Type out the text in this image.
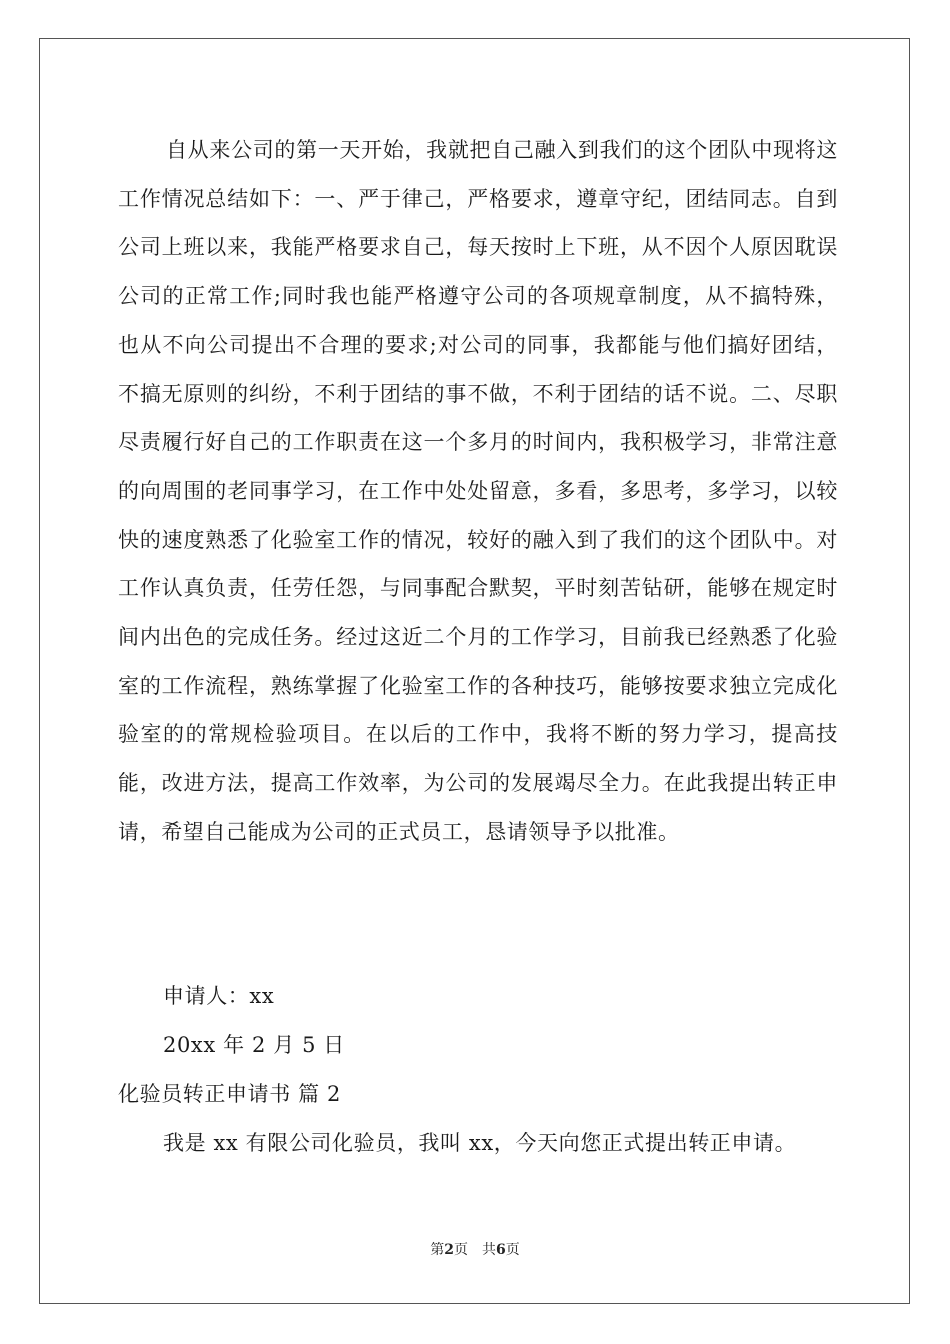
自从来公司的第一天开始，我就把自己融入到我们的这个团队中现将这工作情况总结如下：一、严于律己，严格要求，遵章守纪，团结同志。自到公司上班以来，我能严格要求自己，每天按时上下班，从不因个人原因耽误公司的正常工作;同时我也能严格遵守公司的各项规章制度，从不搞特殊，也从不向公司提出不合理的要求;对公司的同事，我都能与他们搞好团结，不搞无原则的纠纷，不利于团结的事不做，不利于团结的话不说。二、尽职尽责履行好自己的工作职责在这一个多月的时间内，我积极学习，非常注意的向周围的老同事学习，在工作中处处留意，多看，多思考，多学习，以较快的速度熟悉了化验室工作的情况，较好的融入到了我们的这个团队中。对工作认真负责，任劳任怨，与同事配合默契，平时刻苦钻研，能够在规定时间内出色的完成任务。经过这近二个月的工作学习，目前我已经熟悉了化验室的工作流程，熟练掌握了化验室工作的各种技巧，能够按要求独立完成化验室的的常规检验项目。在以后的工作中，我将不断的努力学习，提高技能，改进方法，提高工作效率，为公司的发展竭尽全力。在此我提出转正申请，希望自己能成为公司的正式员工，恳请领导予以批准。

申请人：xx

20xx 年 2 月 5 日

化验员转正申请书 篇 2

我是 xx 有限公司化验员，我叫 xx，今天向您正式提出转正申请。

第2页 共6页
